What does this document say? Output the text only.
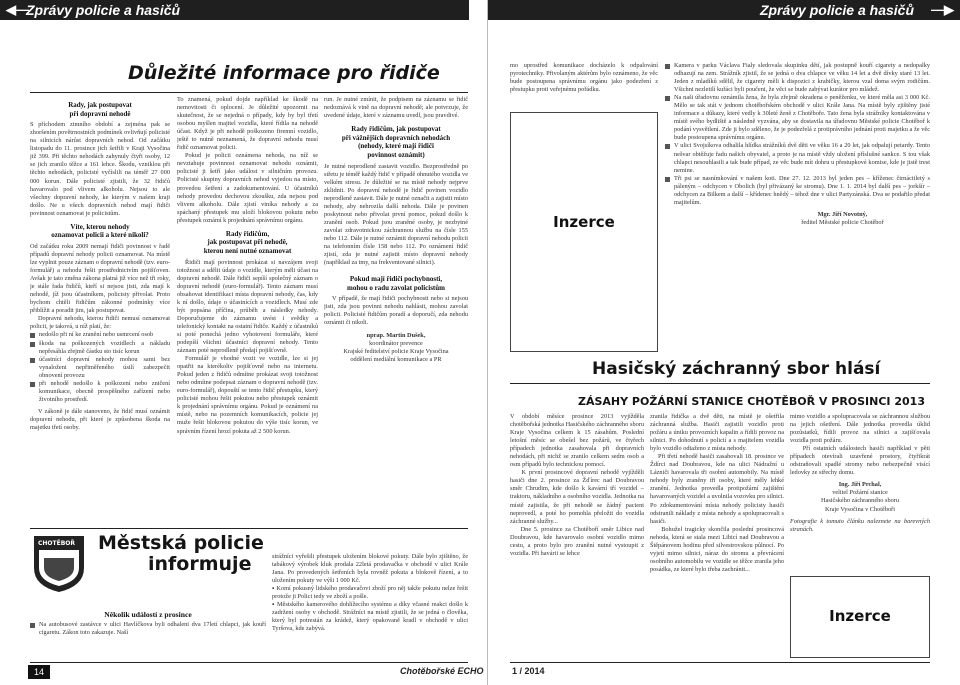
◀—
Zprávy policie a hasičů	Zprávy policie a hasičů —▶
Důležité informace pro řidiče

Rady, jak postupovat
při dopravní nehodě

S příchodem zimního období a zejména pak se zhoršením povětrnostních podmínek ovlivňují policisté na silnicích nárůst dopravních nehod. Od začátku listopadu do 11. prosince jich šetřili v Kraji Vysočina již 399. Při těchto nehodách zahynuly čtyři osoby, 12 se jich zranilo těžce a 161 lehce. Škodu, vzniklou při těchto nehodách, policisté vyčíslili na téměř 27 000 000 korun. Dále policisté zjistili, že 32 řidičů havarovalo pod vlivem alkoholu. Nejsou to ale všechny dopravní nehody, ke kterým v našem kraji došlo. Ne u všech dopravních nehod mají řidiči povinnost oznamovat je policistům.

Víte, kterou nehody
oznamovat policii a které nikoli?

Od začátku roku 2009 nemají řidiči povinnost v řadě případů dopravní nehody policii oznamovat. Na místě lze vyplnit pouze záznam o dopravní nehodě (tzv. euro-formulář) a nehodu řešit prostřednictvím pojišťoven. Avšak je tato změna zákona platná již více než tři roky, je stále řada řidičů, kteří si nejsou jisti, zda mají k nehodě, jíž jsou účastníkem, policisty přivolat. Proto bychom chtěli řidičům zákonné podmínky více přiblížit a poradit jim, jak postupovat.

Dopravní nehodu, kterou řidiči nemusí oznamovat policii, je taková, u níž platí, že:

nedošlo při ní ke zranění nebo usmrcení osob
škoda na poškozených vozidlech a nákladu nepřesáhla zřejmě částku sto tisíc korun
účastníci dopravní nehody mohou sami bez vynaloženi nepřiměřeného úsilí zabezpečit obnovení provozu
při nehodě nedošlo k poškození nebo zničení komunikace, obecně prospěšného zařízení nebo životního prostředí.

V zákoně je dále stanoveno, že řidič musí oznámit dopravní nehodu, při které je způsobena škoda na majetku třetí osoby.

To znamená, pokud dojde například ke škodě na nemovitosti či oplocení. Je důležité upozornit na skutečnost, že se nejedná o případy, kdy by byl třetí osobou myšlen majitel vozidla, které řídila na nehodě účast. Když je při nehodě poškozeno firemní vozidlo, ještě to nutně neznamená, že dopravní nehodu musí řidič oznamovat policii.

Pokud je policii oznámena nehoda, na níž se nevztahuje povinnost oznamovat nehodu oznámit, policisté ji šetří jako událost v silničním provozu. Policisté skupiny dopravních nehod vyjedou na místo, provedou šetření a zadokumentování. U účastníků nehody provedou dechovou zkoušku, zda nejsou pod vlivem alkoholu. Dále zjistí viníka nehody a za spáchaný přestupek mu uloží blokovou pokutu nebo přestupek oznámí k projednání správnímu orgánu.

Rady řidičům,
jak postupovat při nehodě,
kterou není nutné oznamovat

Řidiči mají povinnost prokázat si navzájem svoji totožnost a sdělit údaje o vozidle, kterým měli účast na dopravní nehodě. Dále řidiči sepíší společný záznam o dopravní nehodě (euro-formulář). Tento záznam musí obsahovat identifikaci místa dopravní nehody, čas, kdy k ní došlo, údaje o účastnících a vozidlech. Musí zde být popsána příčina, průběh a následky nehody. Doporučujeme do záznamu uvést i svědky a telefonický kontakt na ostatní řidiče. Každý z účastníků si poté ponechá jedno vyhotovení formuláře, které podepíší všichni účastníci dopravní nehody. Tento záznam poté neprodleně předají pojišťovně.

Formulář je vhodné vozit ve vozidle, lze si jej opatřit na kterékoliv pojišťovně nebo na internetu. Pokud jeden z řidičů odmítne prokázat svoji totožnost nebo odmítne podepsat záznam o dopravní nehodě (tzv. euro-formulář), dopouští se tento řidič přestupku, který policisté mohou řešit pokutou nebo přestupek oznámit k projednání správnímu orgánu. Pokud je oznámení na místě, nebo na pozemních komunikacích, policie jej muže řešit blokovou pokutou do výše tisíc korun, ve správním řízení hrozí pokuta až 2 500 korun.

run. Je nutné zmínit, že podpisem na záznamu se řidič nedoznává k vině na dopravní nehodě; ale potvrzuje, že uvedené údaje, které v záznamu uvedl, jsou pravdivé.

Rady řidičům, jak postupovat
při vážnějších dopravních nehodách
(nehody, které mají řidiči
povinnost oznámit)

Je nutné neprodleně zastavit vozidlo. Bezprostředně po střetu je téměř každý řidič v případě ohnutého vozidla ve velkém stresu. Je důležité se na místě nehody nejprve zklidnit. Po dopravní nehodě je řidič povinen vozidlo neprodleně zastavit. Dále je nutné označit a zajistit místo nehody, aby nehrozila další nehoda. Dále je povinen poskytnout nebo přivolat první pomoc, pokud došlo k zranění osob. Pokud jsou zraněné osoby, je nezbytné zavolat zdravotnickou záchrannou službu na čísle 155 nebo 112. Dále je nutné oznámit dopravní nehodu policii na telefonním čísle 158 nebo 112. Po oznámení řidič zjistí, zda je nutné zajistit místo dopravní nehody (například za tmy, na frekventované silnici).

Pokud mají řidiči pochybnosti,
mohou o radu zavolat policistům

V případě, že mají řidiči pochybnosti nebo si nejsou jisti, zda jsou povinni nehodu nahlásit, mohou zavolat policii. Policisté řidičům poradí a doporučí, zda nehodu oznámit či nikoli.

nprap. Martin Dušek,

koordinátor prevence
Krajské ředitelství policie Kraje Vysočina
oddělení mediální komunikace a PR

CHOTĚBOŘ Městská policie
informuje

Několik událostí z prosince

Na autobusové zastávce v ulici Havlíčkova byli odhaleni dva 17letí chlapci, jak kouří cigaretu. Zákon toto zakazuje. Naší
strážníci vyřešili přestupek uložením blokové pokuty. Dále bylo zjištěno, že tabákový výrobek kluk prodala 22letá prodavačka v obchodě v ulici Krále Jana. Po provedených šetřeních byla rovněž pokuta a blokově řízení, a to uložením pokuty ve výši 1 000 Kč.
▪ Komí pokusný lidského prodavačovi zboží pro něj takže pokutu nelze řešit protože ji Polici tedy ve zboží a pošle.
▪ Městského kamerového dohlížecího systému a díky včasné reakci došlo k zadržení osoby v obchodě. Strážníci na místě zjistili, že se jedná o člověka, který byl potrestán za krádež, který opakovaně kradl v obchodě v ulici Tyršova, kde zabývá.
14	Chotěbořské ECHO
mo uprostřed komunikace docházelo k odpalování pyrotechniky. Přivolaným aktérům bylo oznámeno, že věc bude postoupena správnímu orgánu jako podezření z přestupku proti veřejnému pořádku.
Inzerce
Kamera v parku Václava Fialy sledovala skupinku dětí, jak postupně kouří cigarety a nedopalky odhazují na zem. Strážník zjistil, že se jedná o dva chlapce ve věku 14 let a dvě dívky staré 13 let. Jeden z mladíků sdělil, že cigarety měli k dispozici z krabičky, kterou vzal doma svým rodičům. Všichni nezletilí kuřáci byli poučeni, že věci se bude zabývat kurátor pro mládež.
Na naši úřadovnu oznámila žena, že byla zřejmě okradena o peněženku, ve které měla asi 3 000 Kč. Mělo se tak stát v jednom chotěbořském obchodě v ulici Krále Jana. Na místě byly zjištěny jisté informace a důkazy, které vedly k 30leté ženě z Chotěboře. Tato žena byla strážníky kontaktována v místě svého bydliště a následně vyzvána, aby se dostavila na úřadovnu Městské policie Chotěboř k podání vysvětlení. Zde ji bylo sděleno, že je podezřelá z protiprávního jednání proti majetku a že věc bude postoupena správnímu orgánu.
V ulici Svojsíkova odhalila hlídka strážníků dvě děti ve věku 16 a 20 let, jak odpalují petardy. Tento nešvar obtěžuje řadu našich obyvatel, a proto je na místě vždy uložení příslušné sankce. S tou však chlapci nesouhlasili a tak bude případ, ze věc bude mít dohru u přestupkové komise, kde je jistě trest nemine.
Tři psi se nasnímkování v našem koti. Dne 27. 12. 2013 byl jeden pes – kříženec čtrnáctiletý s páleným – odchycen v Obolich (byl přivázaný ke stromu). Dne 1. 1. 2014 byl další pes – jorkšír – odchycen za Bilkem a další – křídenec hnědý – téhož dne v ulici Partyzánská. Dva se podařilo předat majitelům.

Mgr. Jiří Novotný,

ředitel Městské policie Chotěboř

Hasičský záchranný sbor hlásí
ZÁSAHY POŽÁRNÍ STANICE CHOTĚBOŘ V PROSINCI 2013
V období měsíce prosince 2013 vyjížděla chotěbořská jednotka Hasičského záchranného sboru Kraje Vysočina celkem k 15 zásahům. Poslední letošní měsíc se obešel bez požárů, ve čtyřech případech jednotka zasahovala při dopravních nehodách, při nichž se zranilo celkem sedm osob a osm případů bylo technickou pomocí.
K první prosincové dopravní nehodě vyjížděli hasiči dne 2. prosince za Žďírec nad Doubravou směr Chrudim, kde došlo k kavární tří vozidel – traktoru, nákladního a osobního vozidla. Jednotka na místě zajistila, že při nehodě se žádný pacient neprovedl, a poté ho pomohla přeložit do vozidla záchranné služby...
Dne 5. prosince za Chotěboří směr Libice nad Doubravou, kde havarovalo osobní vozidlo mimo cestu, a proto bylo pro zranění nutné vystoupit z vozidla. Při havárii se lehce
zranila řidička a dvě děti, na místě je ošetřila záchranná služba. Hasiči zajistili vozidlo proti požáru a úniku provozních kapalin a řídili provoz na silnici. Po dohodnutí s policií a s majitelem vozidla bylo vozidlo odtaženo z místa nehody.
Při třetí nehodě hasiči zasahovali 18. prosince ve Ždírci nad Doubravou, kde na ulici Nádražní u Lázniči havarovala tři osobní automobily. Na místě nehody byly zraněny tři osoby, které měly lehké zranění. Jednotka provedla protipožární zajištění havarovaných vozidel a uvolnila vozovku pro silnici. Po zdokumentování místa nehody policisty hasiči odstranili náklady z místa nehody a spolupracovali s hasiči.
Bohužel tragicky skončila poslední prosincová nehoda, která se stala mezi Libicí nad Doubravou a Štěpánovem hodinu před silvestrovskou půlnocí. Po vyjetí mimo silnici, náraz do stromu a převrácení osobního automobilu ve vozidle se těžce zranila jeho posádka, ze které bylo třeba zachránit...

mimo vozidlo a spolupracovala se záchrannou službou na jejich ošetření. Dále jednotka provedla úklid pozůstatků, řídili provoz na silnici a zajišťovala vozidla proti požáru.
Pří ostatních událostech hasiči například v pěti případech otevírali uzavřené prostory, čtyřikrát odstraňovali spadlé stromy nebo nebezpečně visící ledovky ze střechy domu.

Ing. Jiří Prchal,

velitel Požární stanice
Hasičského záchranného sboru
Kraje Vysočina v Chotěboři

Fotografie k tomuto článku naleznete na barevných stranách.

Inzerce
1 / 2014
